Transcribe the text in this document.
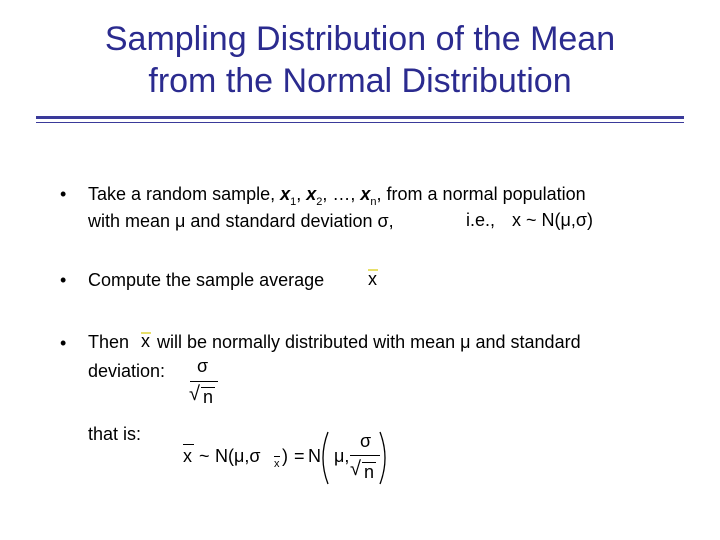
Sampling Distribution of the Mean
from the Normal Distribution
• Take a random sample, $x_1$, $x_2$, …, $x_n$, from a normal population
with mean μ and standard deviation σ,	i.e., x ~ N(μ,σ)
• Compute the sample average x
• Then x will be normally distributed with mean μ and standard
deviation: σ
√ n
that is:
x ~ N(μ,σ x ) = N μ,
σ
√ n
